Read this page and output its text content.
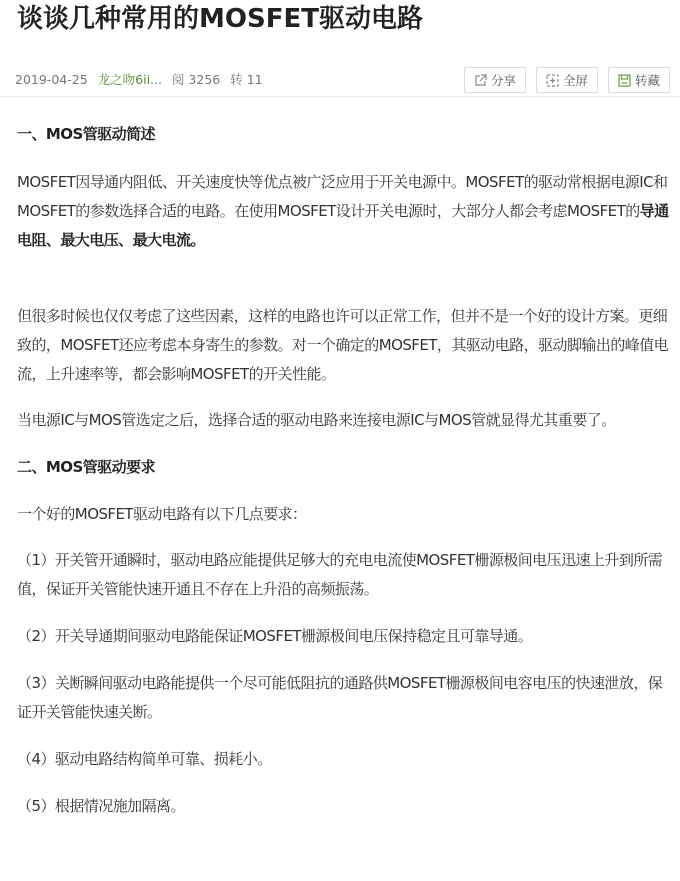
谈谈几种常用的MOSFET驱动电路
2019-04-25 龙之吻6ii... 阅 3256 转 11	分享	全屏	转藏

一、MOS管驱动简述

MOSFET因导通内阻低、开关速度快等优点被广泛应用于开关电源中。MOSFET的驱动常根据电源IC和MOSFET的参数选择合适的电路。在使用MOSFET设计开关电源时，大部分人都会考虑MOSFET的导通电阻、最大电压、最大电流。

但很多时候也仅仅考虑了这些因素，这样的电路也许可以正常工作，但并不是一个好的设计方案。更细致的，MOSFET还应考虑本身寄生的参数。对一个确定的MOSFET，其驱动电路，驱动脚输出的峰值电流，上升速率等，都会影响MOSFET的开关性能。

当电源IC与MOS管选定之后，选择合适的驱动电路来连接电源IC与MOS管就显得尤其重要了。

二、MOS管驱动要求

一个好的MOSFET驱动电路有以下几点要求：

（1）开关管开通瞬时，驱动电路应能提供足够大的充电电流使MOSFET栅源极间电压迅速上升到所需值，保证开关管能快速开通且不存在上升沿的高频振荡。

（2）开关导通期间驱动电路能保证MOSFET栅源极间电压保持稳定且可靠导通。

（3）关断瞬间驱动电路能提供一个尽可能低阻抗的通路供MOSFET栅源极间电容电压的快速泄放，保证开关管能快速关断。

（4）驱动电路结构简单可靠、损耗小。

（5）根据情况施加隔离。
